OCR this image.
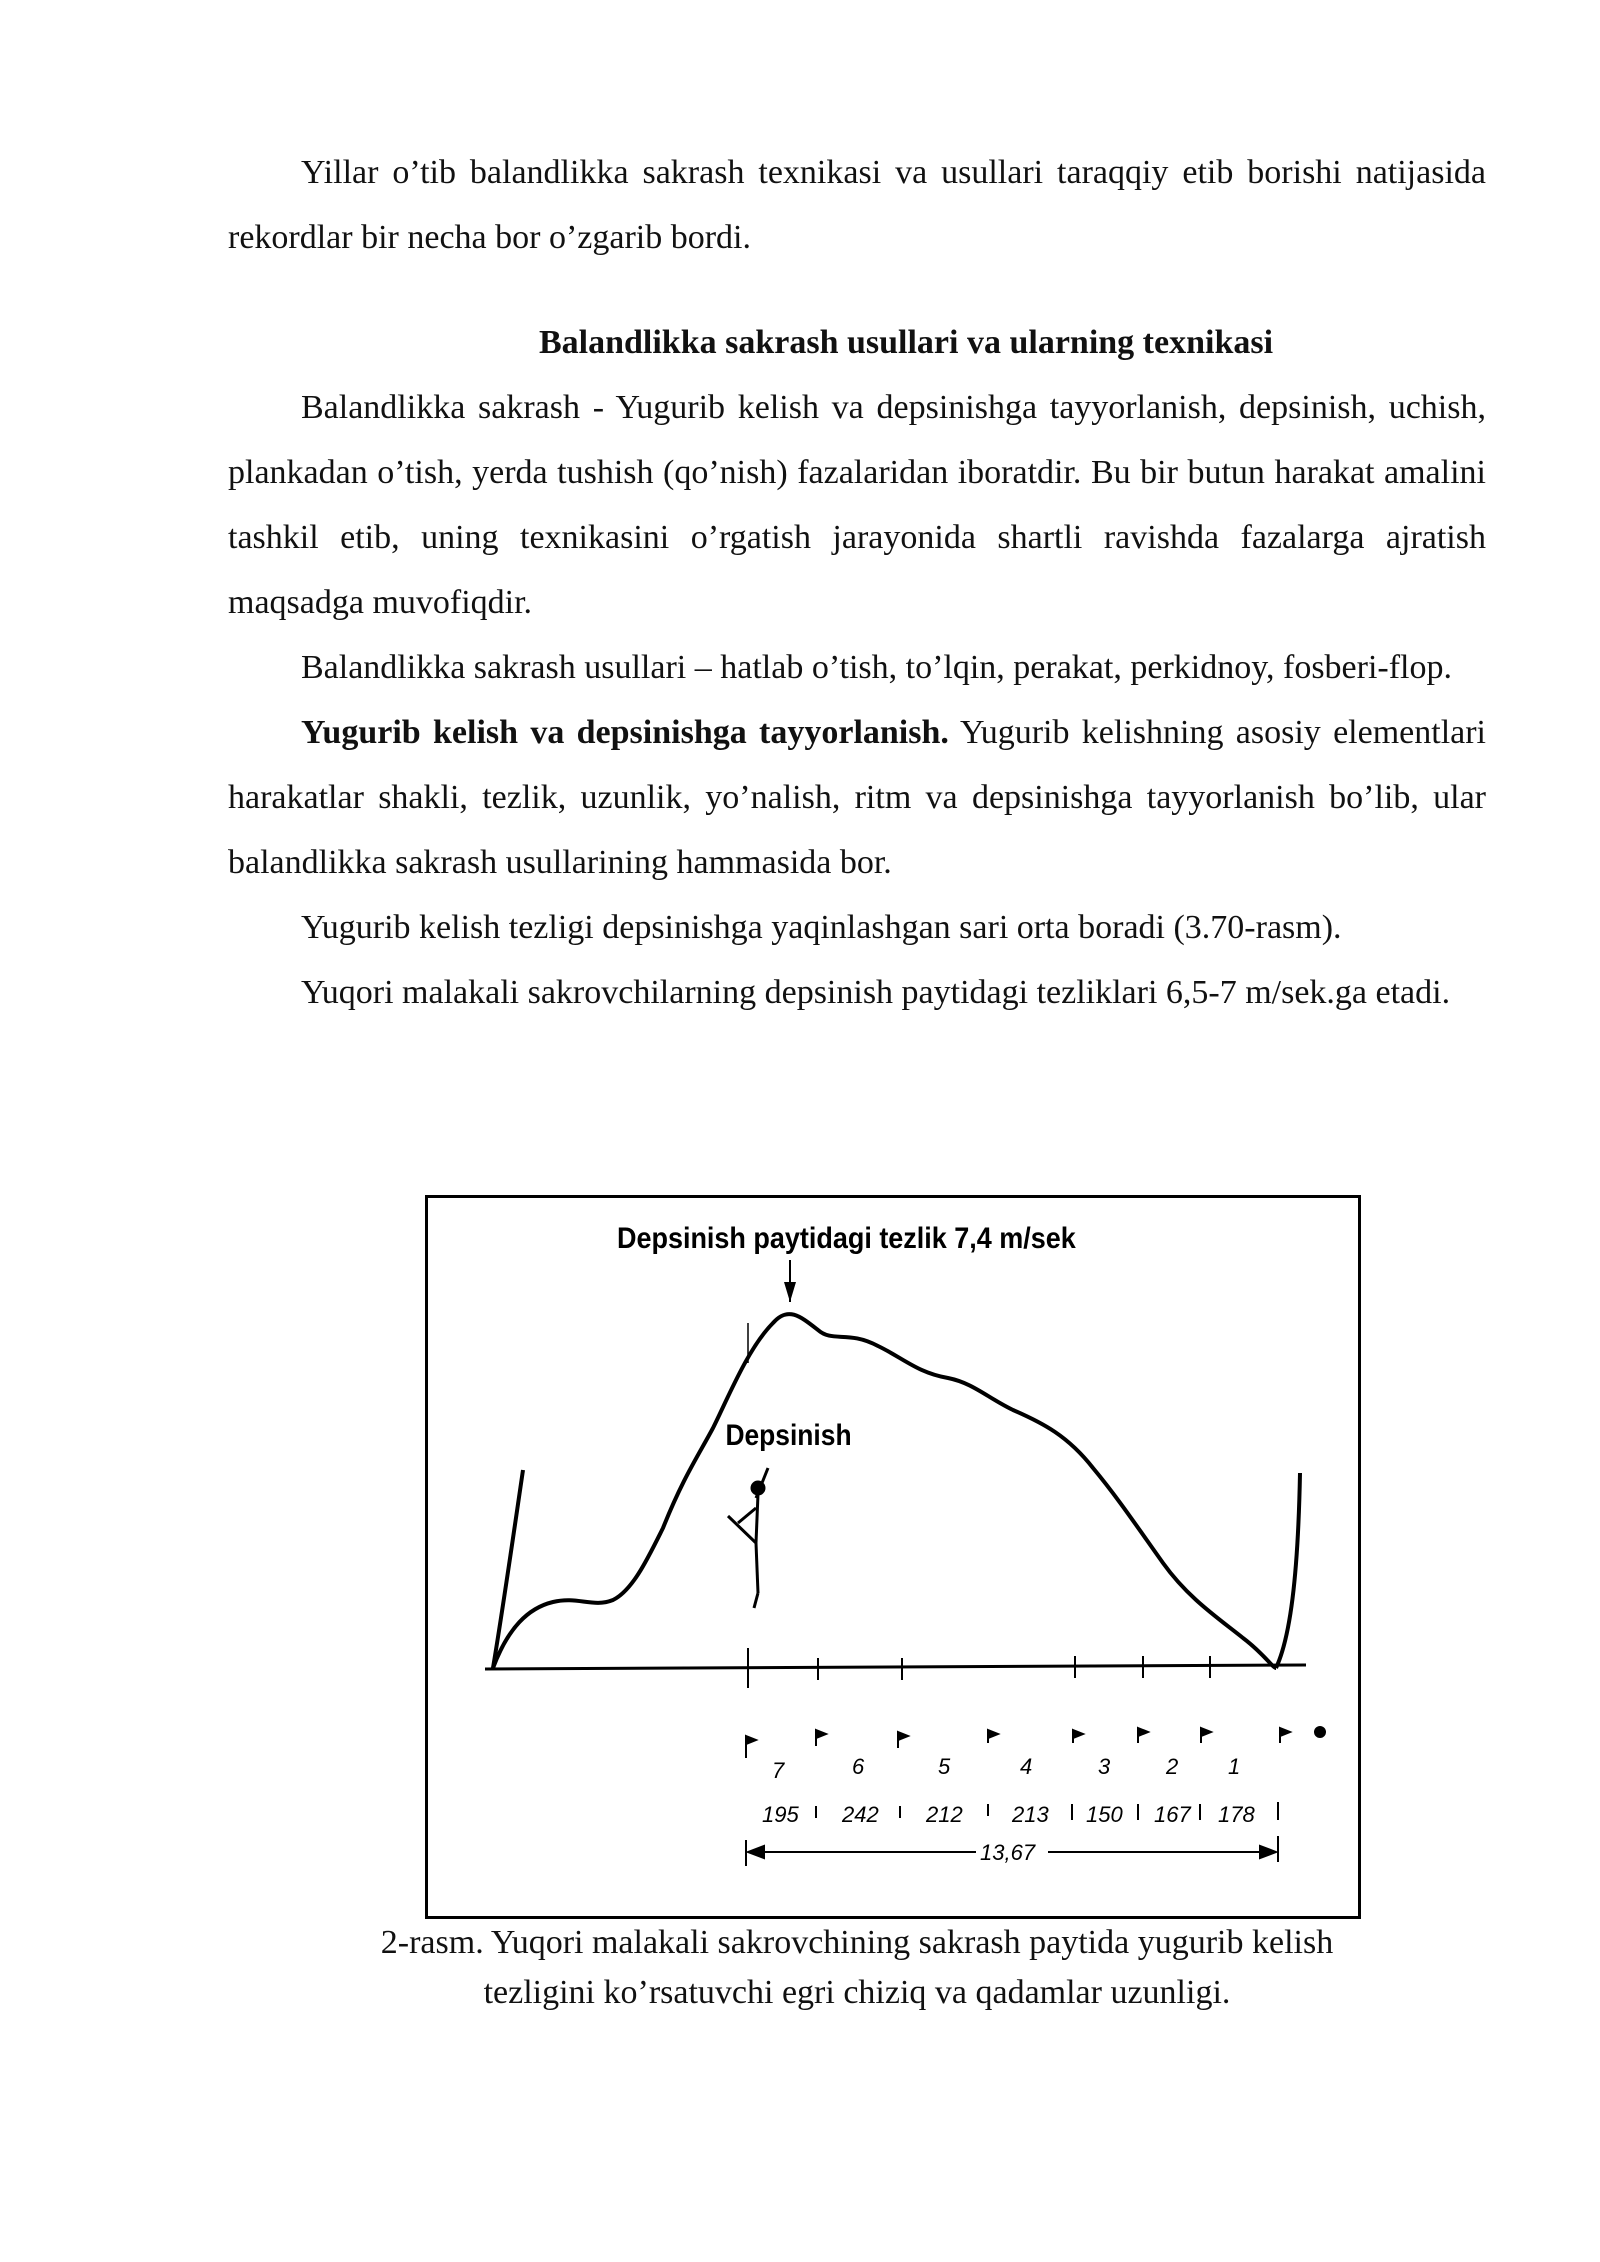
Yillar o’tib balandlikka sakrash texnikasi va usullari taraqqiy etib borishi natijasida rekordlar bir necha bor o’zgarib bordi.

Balandlikka sakrash usullari va ularning texnikasi

Balandlikka sakrash - Yugurib kelish va depsinishga tayyorlanish, depsinish, uchish, plankadan o’tish, yerda tushish (qo’nish) fazalaridan iboratdir. Bu bir butun harakat amalini tashkil etib, uning texnikasini o’rgatish jarayonida shartli ravishda fazalarga ajratish maqsadga muvofiqdir.

Balandlikka sakrash usullari – hatlab o’tish, to’lqin, perakat, perkidnoy, fosberi-flop.

Yugurib kelish va depsinishga tayyorlanish. Yugurib kelishning asosiy elementlari harakatlar shakli, tezlik, uzunlik, yo’nalish, ritm va depsinishga tayyorlanish bo’lib, ular balandlikka sakrash usullarining hammasida bor.

Yugurib kelish tezligi depsinishga yaqinlashgan sari orta boradi (3.70-rasm).

Yuqori malakali sakrovchilarning depsinish paytidagi tezliklari 6,5-7 m/sek.ga etadi.

Depsinish paytidagi tezlik 7,4 m/sek
Depsinish
7	6	5	4	3	2 1
195 242 212 213 150 167 178
13,67
2-rasm. Yuqori malakali sakrovchining sakrash paytida yugurib kelish
tezligini ko’rsatuvchi egri chiziq va qadamlar uzunligi.
